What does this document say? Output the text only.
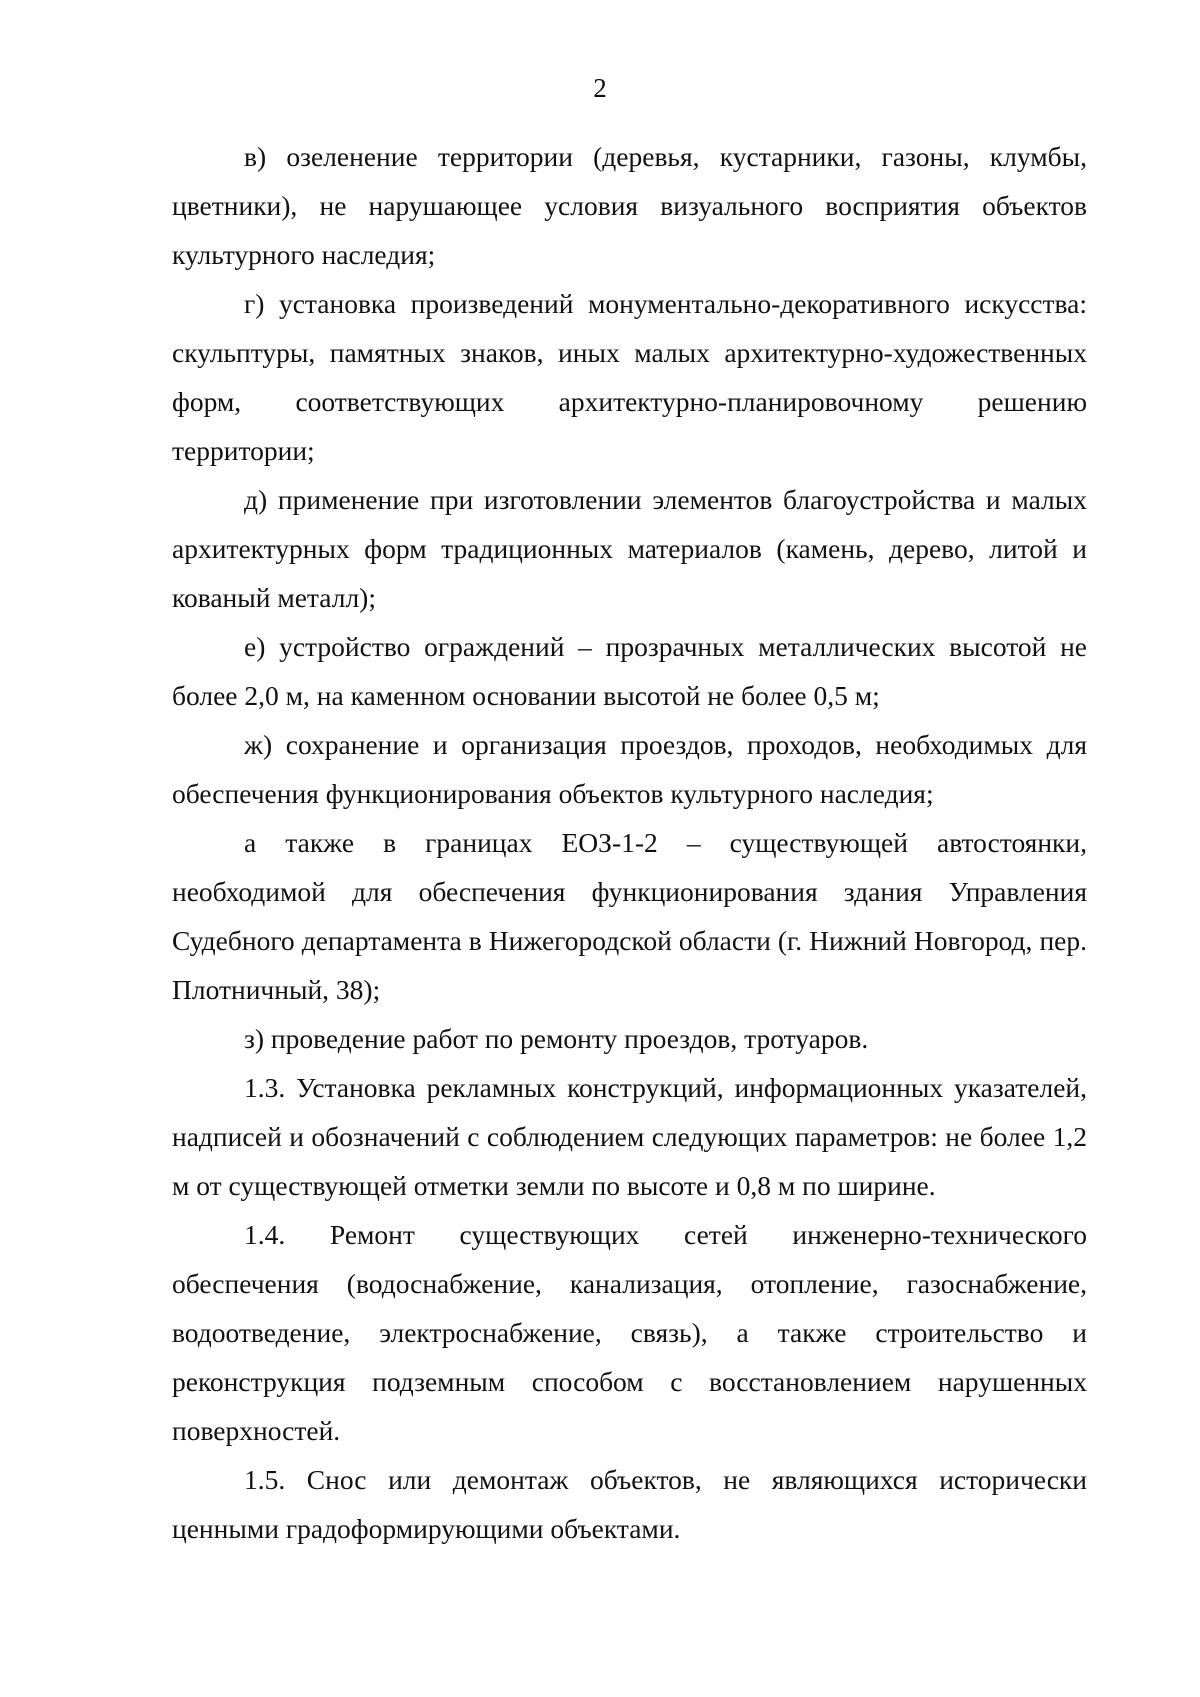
2

в) озеленение территории (деревья, кустарники, газоны, клумбы, цветники), не нарушающее условия визуального восприятия объектов культурного наследия;

г) установка произведений монументально-декоративного искусства: скульптуры, памятных знаков, иных малых архитектурно-художественных форм, соответствующих архитектурно-планировочному решению территории;

д) применение при изготовлении элементов благоустройства и малых архитектурных форм традиционных материалов (камень, дерево, литой и кованый металл);

е) устройство ограждений – прозрачных металлических высотой не более 2,0 м, на каменном основании высотой не более 0,5 м;

ж) сохранение и организация проездов, проходов, необходимых для обеспечения функционирования объектов культурного наследия;

а также в границах ЕОЗ-1-2 – существующей автостоянки, необходимой для обеспечения функционирования здания Управления Судебного департамента в Нижегородской области (г. Нижний Новгород, пер. Плотничный, 38);

з) проведение работ по ремонту проездов, тротуаров.

1.3. Установка рекламных конструкций, информационных указателей, надписей и обозначений с соблюдением следующих параметров: не более 1,2 м от существующей отметки земли по высоте и 0,8 м по ширине.

1.4. Ремонт существующих сетей инженерно-технического обеспечения (водоснабжение, канализация, отопление, газоснабжение, водоотведение, электроснабжение, связь), а также строительство и реконструкция подземным способом с восстановлением нарушенных поверхностей.

1.5. Снос или демонтаж объектов, не являющихся исторически ценными градоформирующими объектами.
